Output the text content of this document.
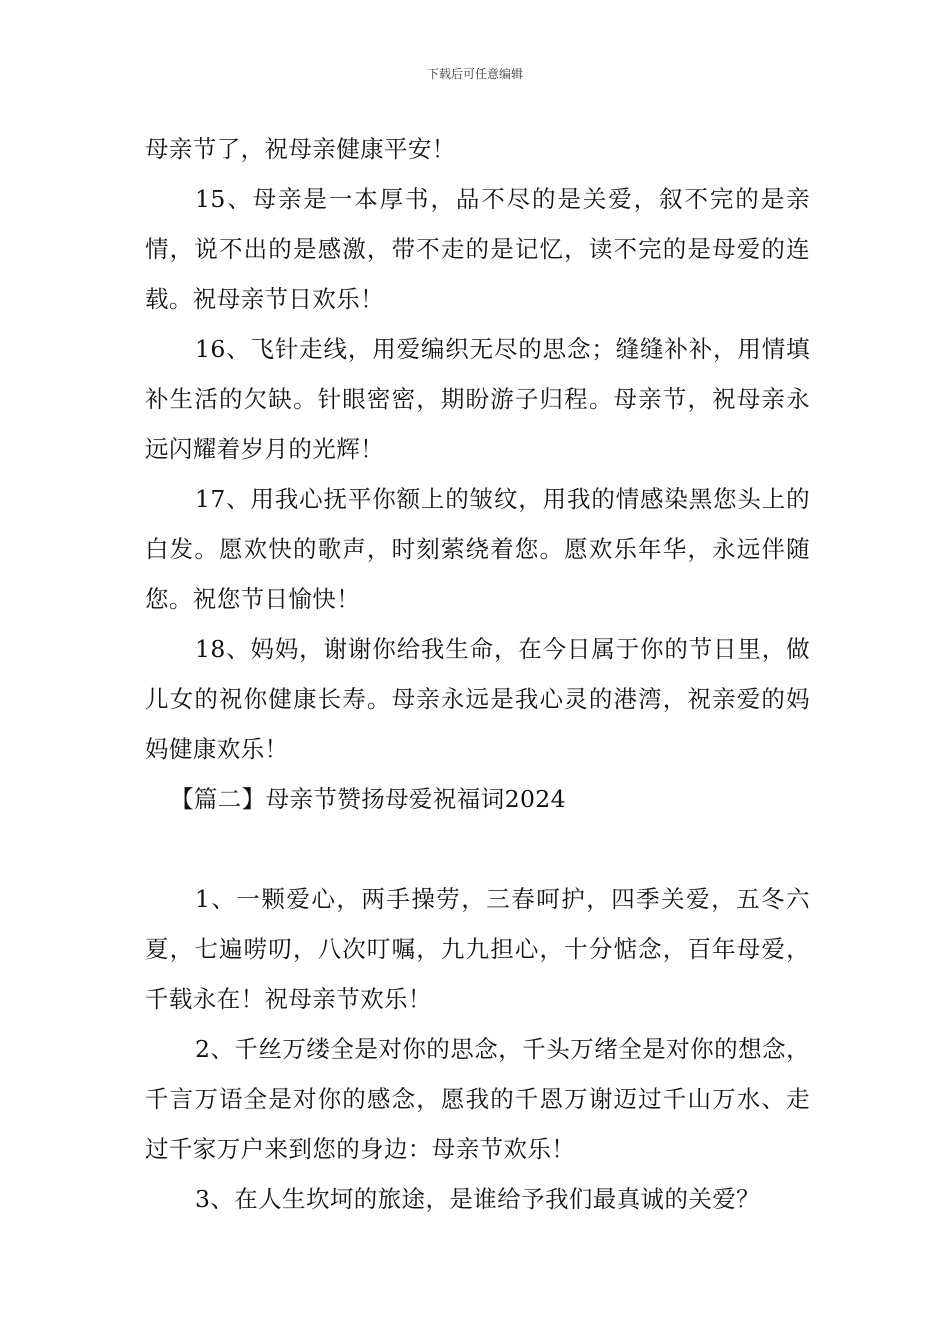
下载后可任意编辑

母亲节了，祝母亲健康平安！

15、母亲是一本厚书，品不尽的是关爱，叙不完的是亲情，说不出的是感激，带不走的是记忆，读不完的是母爱的连载。祝母亲节日欢乐！

16、飞针走线，用爱编织无尽的思念；缝缝补补，用情填补生活的欠缺。针眼密密，期盼游子归程。母亲节，祝母亲永远闪耀着岁月的光辉！

17、用我心抚平你额上的皱纹，用我的情感染黑您头上的白发。愿欢快的歌声，时刻萦绕着您。愿欢乐年华，永远伴随您。祝您节日愉快！

18、妈妈，谢谢你给我生命，在今日属于你的节日里，做儿女的祝你健康长寿。母亲永远是我心灵的港湾，祝亲爱的妈妈健康欢乐！

【篇二】母亲节赞扬母爱祝福词2024

1、一颗爱心，两手操劳，三春呵护，四季关爱，五冬六夏，七遍唠叨，八次叮嘱，九九担心，十分惦念，百年母爱，千载永在！祝母亲节欢乐！

2、千丝万缕全是对你的思念，千头万绪全是对你的想念，千言万语全是对你的感念，愿我的千恩万谢迈过千山万水、走过千家万户来到您的身边：母亲节欢乐！

3、在人生坎坷的旅途，是谁给予我们最真诚的关爱？
